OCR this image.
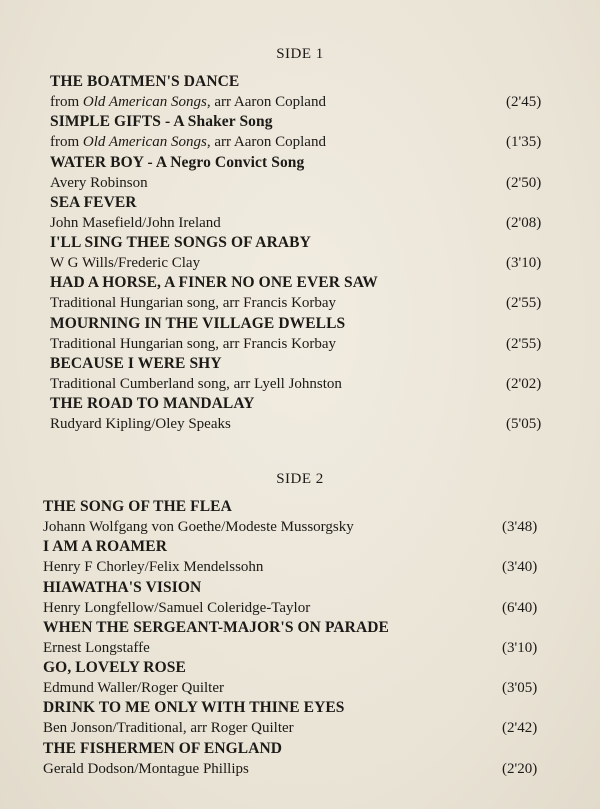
SIDE 1
THE BOATMEN'S DANCE
from Old American Songs, arr Aaron Copland	(2'45)
SIMPLE GIFTS - A Shaker Song
from Old American Songs, arr Aaron Copland	(1'35)
WATER BOY - A Negro Convict Song
Avery Robinson	(2'50)
SEA FEVER
John Masefield/John Ireland	(2'08)
I'LL SING THEE SONGS OF ARABY
W G Wills/Frederic Clay	(3'10)
HAD A HORSE, A FINER NO ONE EVER SAW
Traditional Hungarian song, arr Francis Korbay	(2'55)
MOURNING IN THE VILLAGE DWELLS
Traditional Hungarian song, arr Francis Korbay	(2'55)
BECAUSE I WERE SHY
Traditional Cumberland song, arr Lyell Johnston	(2'02)
THE ROAD TO MANDALAY
Rudyard Kipling/Oley Speaks	(5'05)
SIDE 2
THE SONG OF THE FLEA
Johann Wolfgang von Goethe/Modeste Mussorgsky	(3'48)
I AM A ROAMER
Henry F Chorley/Felix Mendelssohn	(3'40)
HIAWATHA'S VISION
Henry Longfellow/Samuel Coleridge-Taylor	(6'40)
WHEN THE SERGEANT-MAJOR'S ON PARADE
Ernest Longstaffe	(3'10)
GO, LOVELY ROSE
Edmund Waller/Roger Quilter	(3'05)
DRINK TO ME ONLY WITH THINE EYES
Ben Jonson/Traditional, arr Roger Quilter	(2'42)
THE FISHERMEN OF ENGLAND
Gerald Dodson/Montague Phillips	(2'20)
